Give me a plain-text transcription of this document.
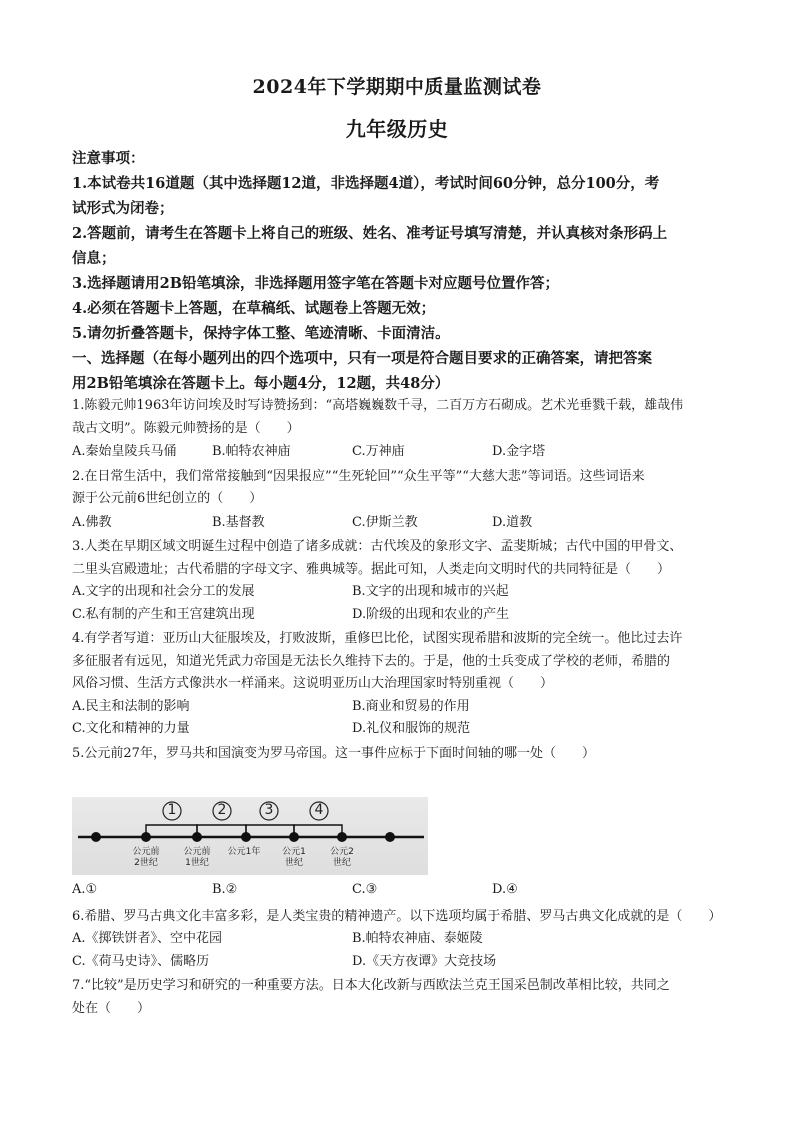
2024年下学期期中质量监测试卷
九年级历史
注意事项：
1.本试卷共16道题（其中选择题12道，非选择题4道），考试时间60分钟，总分100分，考
试形式为闭卷；
2.答题前，请考生在答题卡上将自己的班级、姓名、准考证号填写清楚，并认真核对条形码上
信息；
3.选择题请用2B铅笔填涂，非选择题用签字笔在答题卡对应题号位置作答；
4.必须在答题卡上答题，在草稿纸、试题卷上答题无效；
5.请勿折叠答题卡，保持字体工整、笔迹清晰、卡面清洁。
一、选择题（在每小题列出的四个选项中，只有一项是符合题目要求的正确答案，请把答案
用2B铅笔填涂在答题卡上。每小题4分，12题，共48分）
1.陈毅元帅1963年访问埃及时写诗赞扬到：“高塔巍巍数千寻，二百万方石砌成。艺术光垂戮千载，雄哉伟
哉古文明”。陈毅元帅赞扬的是（　　）
A.秦始皇陵兵马俑	B.帕特农神庙	C.万神庙	D.金字塔
2.在日常生活中，我们常常接触到“因果报应”“生死轮回”“众生平等”“大慈大悲”等词语。这些词语来
源于公元前6世纪创立的（　　）
A.佛教	B.基督教	C.伊斯兰教	D.道教
3.人类在早期区域文明诞生过程中创造了诸多成就：古代埃及的象形文字、孟斐斯城；古代中国的甲骨文、
二里头宫殿遗址；古代希腊的字母文字、雅典城等。据此可知，人类走向文明时代的共同特征是（　　）
A.文字的出现和社会分工的发展	B.文字的出现和城市的兴起
C.私有制的产生和王宫建筑出现	D.阶级的出现和农业的产生
4.有学者写道：亚历山大征服埃及，打败波斯，重修巴比伦，试图实现希腊和波斯的完全统一。他比过去许
多征服者有远见，知道光凭武力帝国是无法长久维持下去的。于是，他的士兵变成了学校的老师，希腊的
风俗习惯、生活方式像洪水一样涌来。这说明亚历山大治理国家时特别重视（　　）
A.民主和法制的影响	B.商业和贸易的作用
C.文化和精神的力量	D.礼仪和服饰的规范
5.公元前27年，罗马共和国演变为罗马帝国。这一事件应标于下面时间轴的哪一处（　　）
1	2	3	4
公元前
2世纪
公元前
1世纪
公元1年	公元1
世纪
公元2
世纪
A.①	B.②	C.③	D.④
6.希腊、罗马古典文化丰富多彩，是人类宝贵的精神遗产。以下选项均属于希腊、罗马古典文化成就的是（　　）
A.《掷铁饼者》、空中花园	B.帕特农神庙、泰姬陵
C.《荷马史诗》、儒略历	D.《天方夜谭》大竞技场
7.“比较”是历史学习和研究的一种重要方法。日本大化改新与西欧法兰克王国采邑制改革相比较，共同之
处在（　　）
